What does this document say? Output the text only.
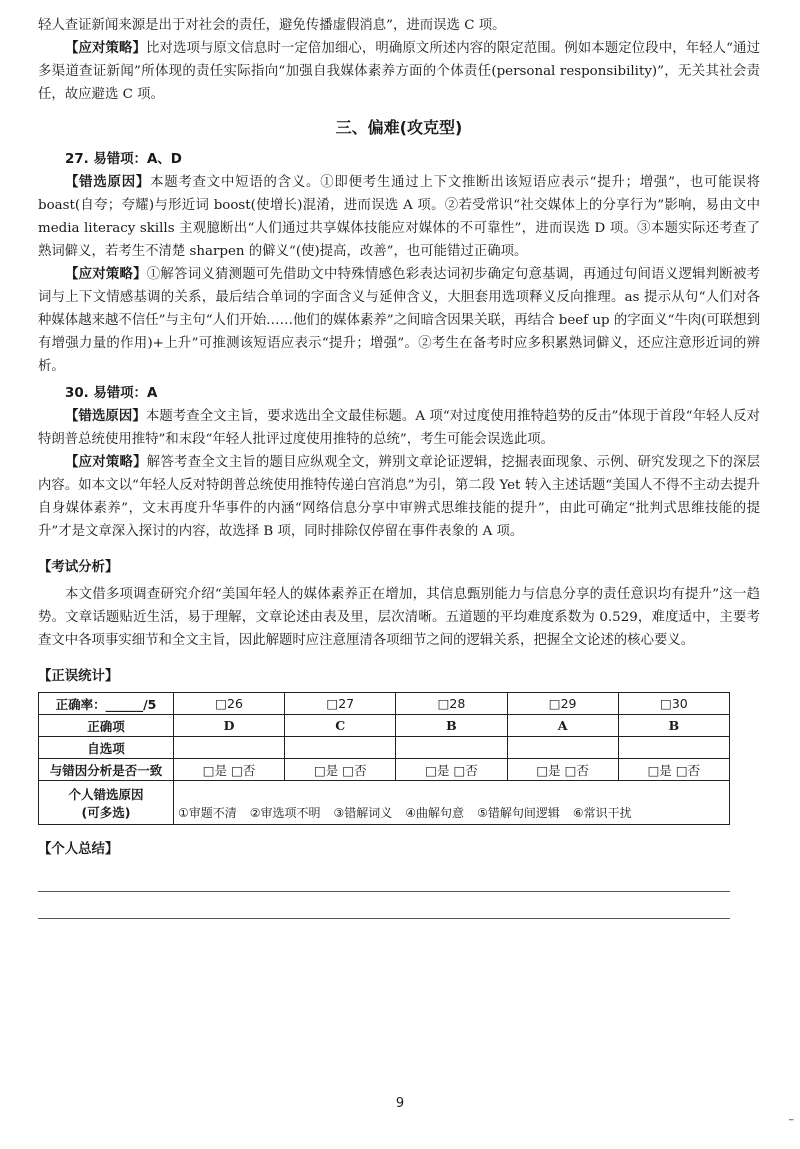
轻人查证新闻来源是出于对社会的责任，避免传播虚假消息”，进而误选 C 项。

【应对策略】比对选项与原文信息时一定倍加细心，明确原文所述内容的限定范围。例如本题定位段中，年轻人“通过多渠道查证新闻”所体现的责任实际指向“加强自我媒体素养方面的个体责任(personal responsibility)”，无关其社会责任，故应避选 C 项。

三、偏难(攻克型)
27. 易错项：A、D

【错选原因】本题考查文中短语的含义。①即便考生通过上下文推断出该短语应表示“提升；增强”，也可能误将 boast(自夸；夸耀)与形近词 boost(使增长)混淆，进而误选 A 项。②若受常识“社交媒体上的分享行为”影响，易由文中 media literacy skills 主观臆断出“人们通过共享媒体技能应对媒体的不可靠性”，进而误选 D 项。③本题实际还考查了熟词僻义，若考生不清楚 sharpen 的僻义“(使)提高，改善”，也可能错过正确项。

【应对策略】①解答词义猜测题可先借助文中特殊情感色彩表达词初步确定句意基调，再通过句间语义逻辑判断被考词与上下文情感基调的关系，最后结合单词的字面含义与延伸含义，大胆套用选项释义反向推理。as 提示从句“人们对各种媒体越来越不信任”与主句“人们开始……他们的媒体素养”之间暗含因果关联，再结合 beef up 的字面义“牛肉(可联想到有增强力量的作用)+上升”可推测该短语应表示“提升；增强”。②考生在备考时应多积累熟词僻义，还应注意形近词的辨析。

30. 易错项：A

【错选原因】本题考查全文主旨，要求选出全文最佳标题。A 项“对过度使用推特趋势的反击”体现于首段“年轻人反对特朗普总统使用推特”和末段“年轻人批评过度使用推特的总统”，考生可能会误选此项。

【应对策略】解答考查全文主旨的题目应纵观全文，辨别文章论证逻辑，挖掘表面现象、示例、研究发现之下的深层内容。如本文以“年轻人反对特朗普总统使用推特传递白宫消息”为引，第二段 Yet 转入主述话题“美国人不得不主动去提升自身媒体素养”，文末再度升华事件的内涵“网络信息分享中审辨式思维技能的提升”，由此可确定“批判式思维技能的提升”才是文章深入探讨的内容，故选择 B 项，同时排除仅停留在事件表象的 A 项。

【考试分析】

本文借多项调查研究介绍“美国年轻人的媒体素养正在增加，其信息甄别能力与信息分享的责任意识均有提升”这一趋势。文章话题贴近生活，易于理解，文章论述由表及里，层次清晰。五道题的平均难度系数为 0.529，难度适中，主要考查文中各项事实细节和全文主旨，因此解题时应注意厘清各项细节之间的逻辑关系，把握全文论述的核心要义。

【正误统计】
正确率：______/5	□26	□27	□28	□29	□30
正确项	D	C	B	A	B
自选项					
与错因分析是否一致	□是 □否	□是 □否	□是 □否	□是 □否	□是 □否
个人错选原因
(可多选)	①审题不清 ②审选项不明 ③错解词义 ④曲解句意 ⑤错解句间逻辑 ⑥常识干扰				
【个人总结】
9
–
